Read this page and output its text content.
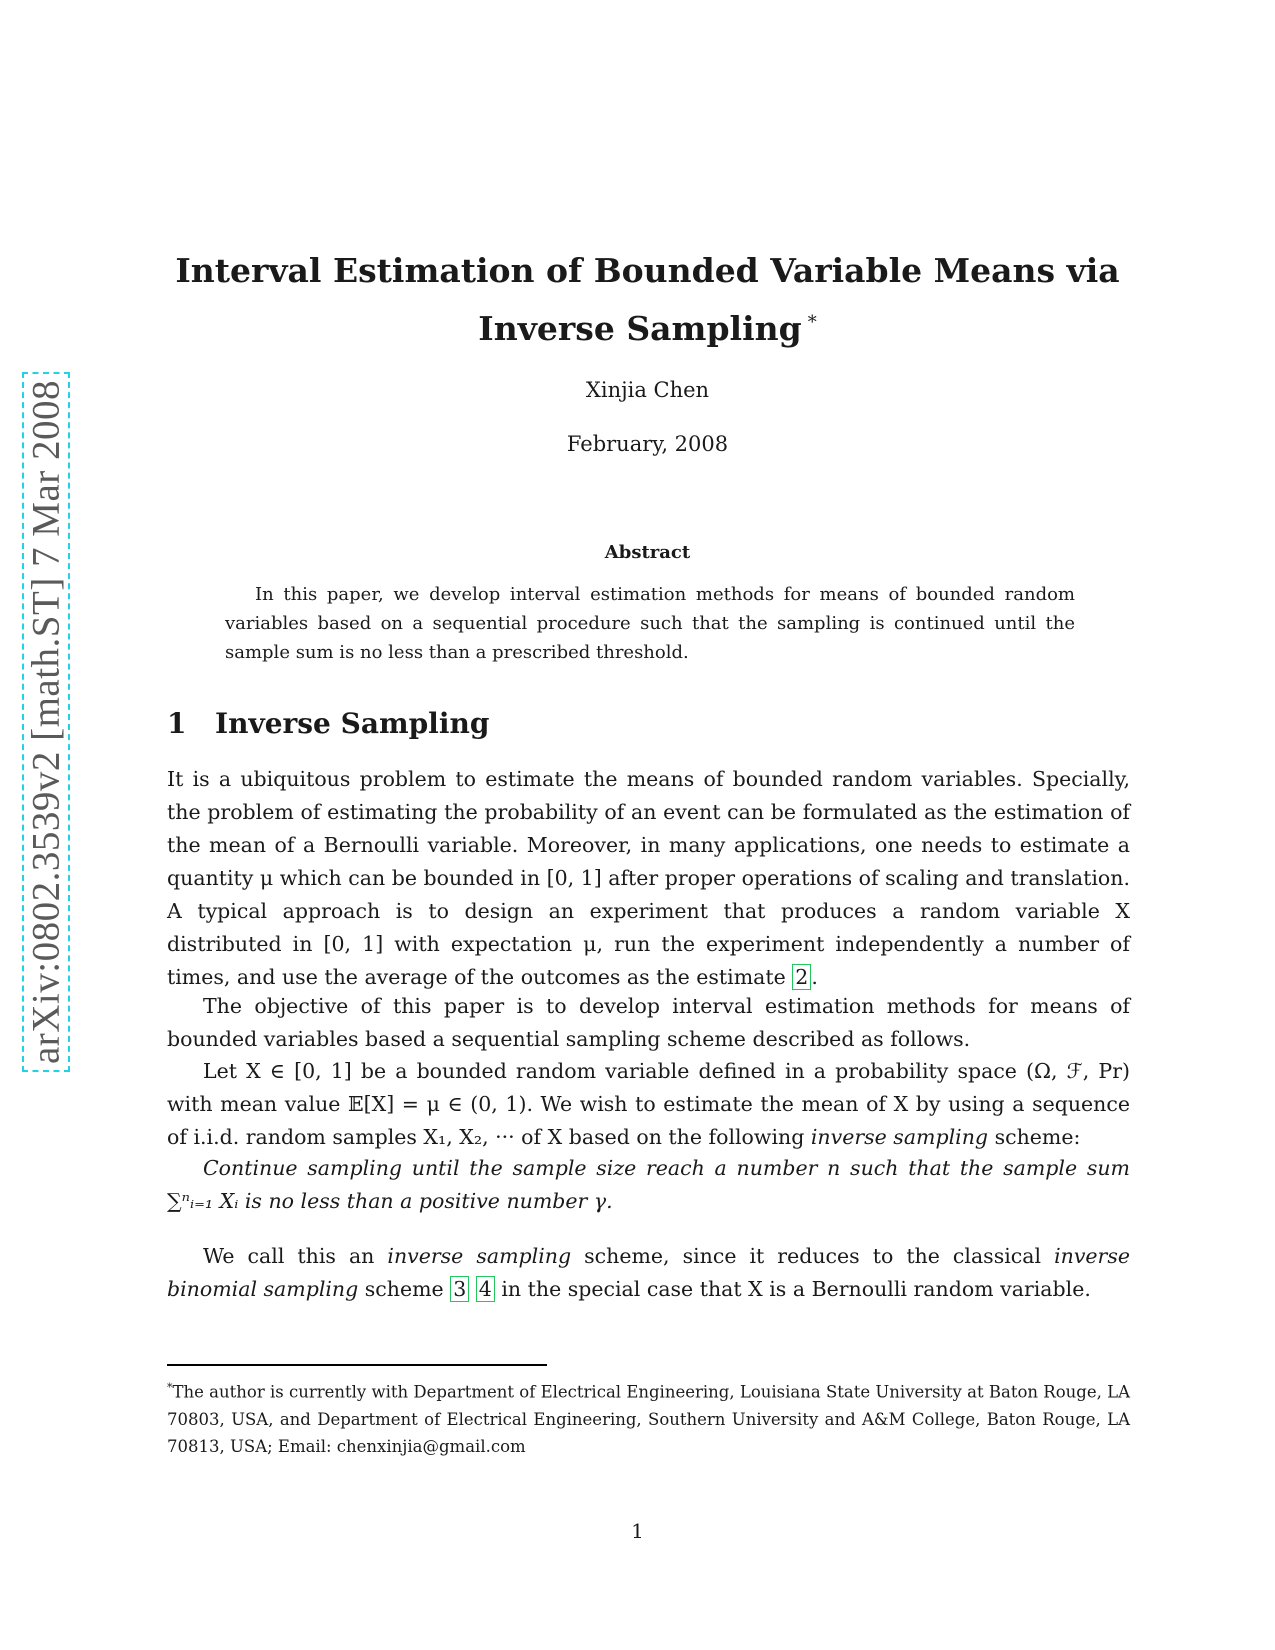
arXiv:0802.3539v2 [math.ST] 7 Mar 2008
Interval Estimation of Bounded Variable Means via
Inverse Sampling *
Xinjia Chen
February, 2008
Abstract
In this paper, we develop interval estimation methods for means of bounded random variables based on a sequential procedure such that the sampling is continued until the sample sum is no less than a prescribed threshold.
1 Inverse Sampling
It is a ubiquitous problem to estimate the means of bounded random variables. Specially, the problem of estimating the probability of an event can be formulated as the estimation of the mean of a Bernoulli variable. Moreover, in many applications, one needs to estimate a quantity μ which can be bounded in [0, 1] after proper operations of scaling and translation. A typical approach is to design an experiment that produces a random variable X distributed in [0, 1] with expectation μ, run the experiment independently a number of times, and use the average of the outcomes as the estimate 2 .
The objective of this paper is to develop interval estimation methods for means of bounded variables based a sequential sampling scheme described as follows.
Let X ∈ [0, 1] be a bounded random variable defined in a probability space (Ω, ℱ, Pr) with mean value 𝔼[X] = μ ∈ (0, 1). We wish to estimate the mean of X by using a sequence of i.i.d. random samples X₁, X₂, ··· of X based on the following inverse sampling scheme:
Continue sampling until the sample size reach a number n such that the sample sum ∑ⁿᵢ₌₁ Xᵢ is no less than a positive number γ.
We call this an inverse sampling scheme, since it reduces to the classical inverse binomial sampling scheme 3 4 in the special case that X is a Bernoulli random variable.
*The author is currently with Department of Electrical Engineering, Louisiana State University at Baton Rouge, LA 70803, USA, and Department of Electrical Engineering, Southern University and A&M College, Baton Rouge, LA 70813, USA; Email: chenxinjia@gmail.com
1
